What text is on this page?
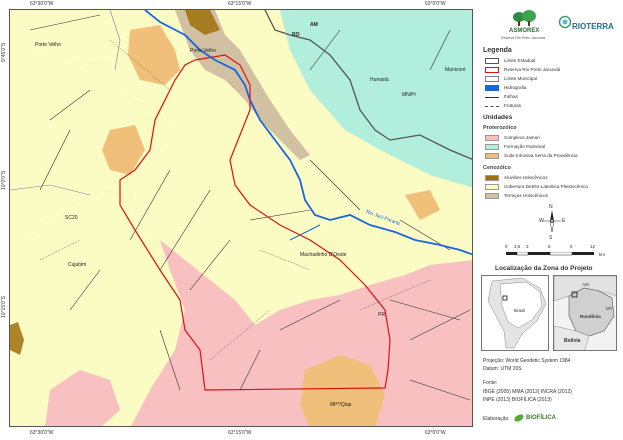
63°30'0"W	63°15'0"W	63°0'0"W
63°30'0"W	63°15'0"W	63°0'0"W
9°45'0"S
10°0'0"S
10°15'0"S
AM
RO
Porto Velho
Porto Velho
Humaitá
Manicoré
MN/Pr
Rio Jaci-Paraná
SC20
Cujubim
Machadinho D'Oeste
PR
MP*/Qiap
ASMOREX
Reserva Rio Preto Jacundá
RIOTERRA
Legenda
Limite Estadual
Reserva Rio Preto Jacundá
Limite Municipal
Hidrografia
Falhas
Fraturas
Unidades
Proterozóico
Complexo Jamari
Formação Palmeiral
Suíte Intrusiva Serra da Providência
Cenozóico
Aluviões Holocênicos
Cobertura Detrito-Lateritica Pleistocênica
Terraços Holocênicos
N
S
W	E
0 1,5 3	6	9	12
km
Localização da Zona do Projeto
Brasil
AM
MT
Rondônia
Bolívia
Projeção: World Geodetic System 1984
Datum: UTM 20S
Fonte:
IBGE (2005) MMA (2012) INCRA (2012)
INPE (2013) BIOFÍLICA (2013)
Elaboração	BIOFÍLICA
